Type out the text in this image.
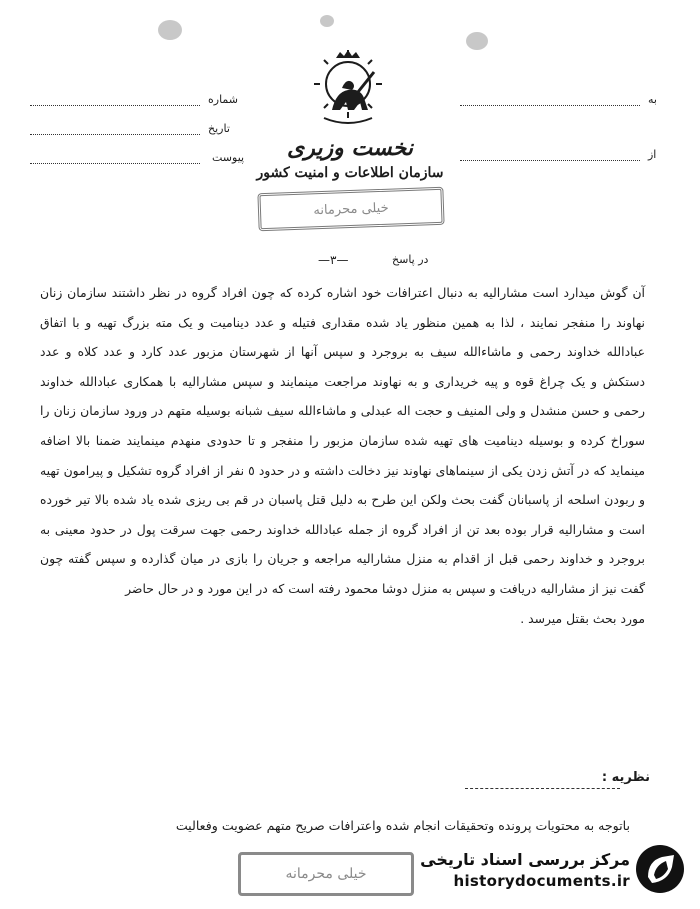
نخست وزیری
سازمان اطلاعات و امنیت کشور
خیلی محرمانه
شماره
تاریخ
پیوست
به
از
در پاسخ
—٣—

آن گوش میدارد است مشارالیه به دنبال اعترافات خود اشاره کرده که چون افراد گروه در نظر داشتند سازمان زنان نهاوند را منفجر نمایند ، لذا به همین منظور یاد شده مقداری فتیله و عدد دینامیت و یک مته بزرگ تهیه و با اتفاق عبادالله خداوند رحمی و ماشاءالله سیف به بروجرد و سپس آنها از شهرستان مزبور عدد کارد و عدد کلاه و عدد دستکش و یک چراغ قوه و پیه خریداری و به نهاوند مراجعت مینمایند و سپس مشارالیه با همکاری عبادالله خداوند رحمی و حسن منشدل و ولی المنیف و حجت اله عبدلی و ماشاءالله سیف شبانه بوسیله متهم در ورود سازمان زنان را سوراخ کرده و بوسیله دینامیت های تهیه شده سازمان مزبور را منفجر و تا حدودی منهدم مینمایند ضمنا بالا اضافه مینماید که در آتش زدن یکی از سینماهای نهاوند نیز دخالت داشته و در حدود ٥ نفر از افراد گروه تشکیل و پیرامون تهیه و ربودن اسلحه از پاسبانان گفت بحث ولکن این طرح به دلیل قتل پاسبان در قم بی ریزی شده یاد شده بالا تیر خورده است و مشارالیه قرار بوده بعد تن از افراد گروه از جمله عبادالله خداوند رحمی جهت سرقت پول در حدود معینی به بروجرد و خداوند رحمی قبل از اقدام به منزل مشارالیه مراجعه و جریان را بازی در میان گذارده و سپس گفته چون گفت نیز از مشارالیه دریافت و سپس به منزل دوشا محمود رفته است که در این مورد و در حال حاضر

مورد بحث بقتل میرسد .

نظریه :
باتوجه به محتویات پرونده وتحقیقات انجام شده واعترافات صریح متهم عضویت وفعالیت
خیلی محرمانه
مرکز بررسی اسناد تاریخی
historydocuments.ir
